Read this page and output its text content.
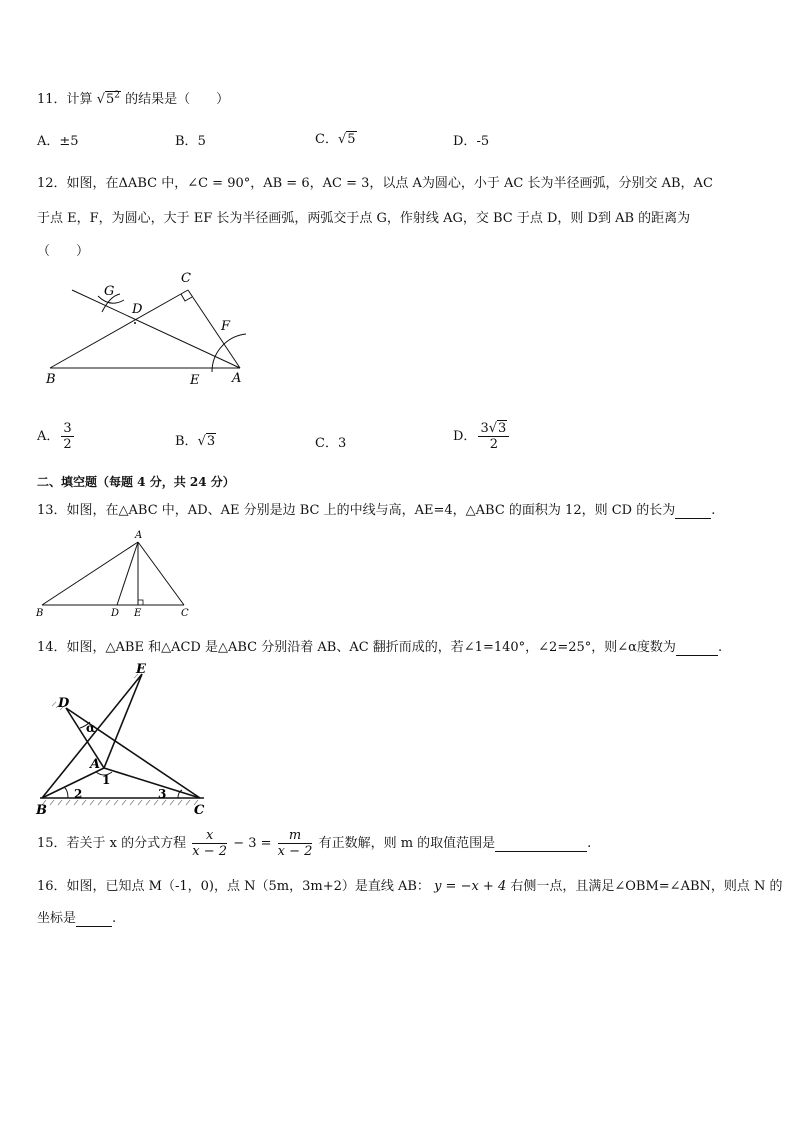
11．计算 $√5^2$ 的结果是（　　）
A．±5	B．5	C．√5	D．-5
12．如图，在ΔABC 中，∠C = 90°，AB = 6，AC = 3，以点 A为圆心，小于 AC 长为半径画弧，分别交 AB，AC
于点 E，F，为圆心，大于 EF 长为半径画弧，两弧交于点 G，作射线 AG，交 BC 于点 D，则 D到 AB 的距离为
（　　）
G
C
D
F
B	E	A
A． $\frac{3}{2}$	B．√3	C．3	D． $\frac{3√3}{2}$
二、填空题（每题 4 分，共 24 分）
13．如图，在△ABC 中，AD、AE 分别是边 BC 上的中线与高，AE=4，△ABC 的面积为 12，则 CD 的长为	.
A
B	D E	C
14．如图，△ABE 和△ACD 是△ABC 分别沿着 AB、AC 翻折而成的，若∠1=140°，∠2=25°，则∠α度数为	.
E
D
α
A
1
B
2	3
C
15．若关于 x 的分式方程 $\frac{x}{x - 2} - 3 = \frac{m}{x - 2}$ 有正数解，则 m 的取值范围是	.
16．如图，已知点 M（-1，0)，点 N（5m，3m+2）是直线 AB： y = −x + 4 右侧一点，且满足∠OBM=∠ABN，则点 N 的
坐标是	.
